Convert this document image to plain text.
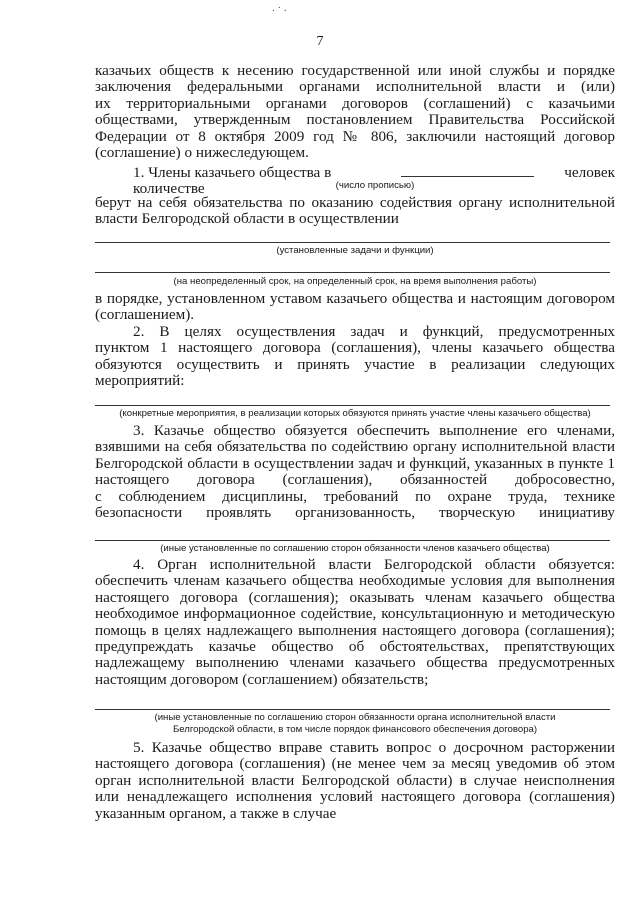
. · .
7
казачьих обществ к несению государственной или иной службы и порядке
заключения федеральными органами исполнительной власти и (или)
их территориальными органами договоров (соглашений) с казачьими
обществами, утвержденным постановлением Правительства Российской
Федерации от 8 октября 2009 год № 806, заключили настоящий договор
(соглашение) о нижеследующем.
1. Члены казачьего общества в количестве
человек
(число прописью)
берут на себя обязательства по оказанию содействия органу исполнительной
власти Белгородской области в осуществлении
(установленные задачи и функции)
(на неопределенный срок, на определенный срок, на время выполнения работы)
в порядке, установленном уставом казачьего общества и настоящим договором
(соглашением).
2. В целях осуществления задач и функций, предусмотренных
пунктом 1 настоящего договора (соглашения), члены казачьего общества
обязуются осуществить и принять участие в реализации следующих
мероприятий:
(конкретные мероприятия, в реализации которых обязуются принять участие члены казачьего общества)
3. Казачье общество обязуется обеспечить выполнение его членами,
взявшими на себя обязательства по содействию органу исполнительной власти
Белгородской области в осуществлении задач и функций, указанных в пункте 1
настоящего договора (соглашения), обязанностей добросовестно,
с соблюдением дисциплины, требований по охране труда, технике
безопасности проявлять организованность, творческую инициативу
(иные установленные по соглашению сторон обязанности членов казачьего общества)
4. Орган исполнительной власти Белгородской области обязуется:
обеспечить членам казачьего общества необходимые условия для выполнения
настоящего договора (соглашения); оказывать членам казачьего общества
необходимое информационное содействие, консультационную и методическую
помощь в целях надлежащего выполнения настоящего договора (соглашения);
предупреждать казачье общество об обстоятельствах, препятствующих
надлежащему выполнению членами казачьего общества предусмотренных
настоящим договором (соглашением) обязательств;
(иные установленные по соглашению сторон обязанности органа исполнительной власти
Белгородской области, в том числе порядок финансового обеспечения договора)
5. Казачье общество вправе ставить вопрос о досрочном расторжении
настоящего договора (соглашения) (не менее чем за месяц уведомив об этом
орган исполнительной власти Белгородской области) в случае неисполнения
или ненадлежащего исполнения условий настоящего договора (соглашения)
указанным органом, а также в случае
